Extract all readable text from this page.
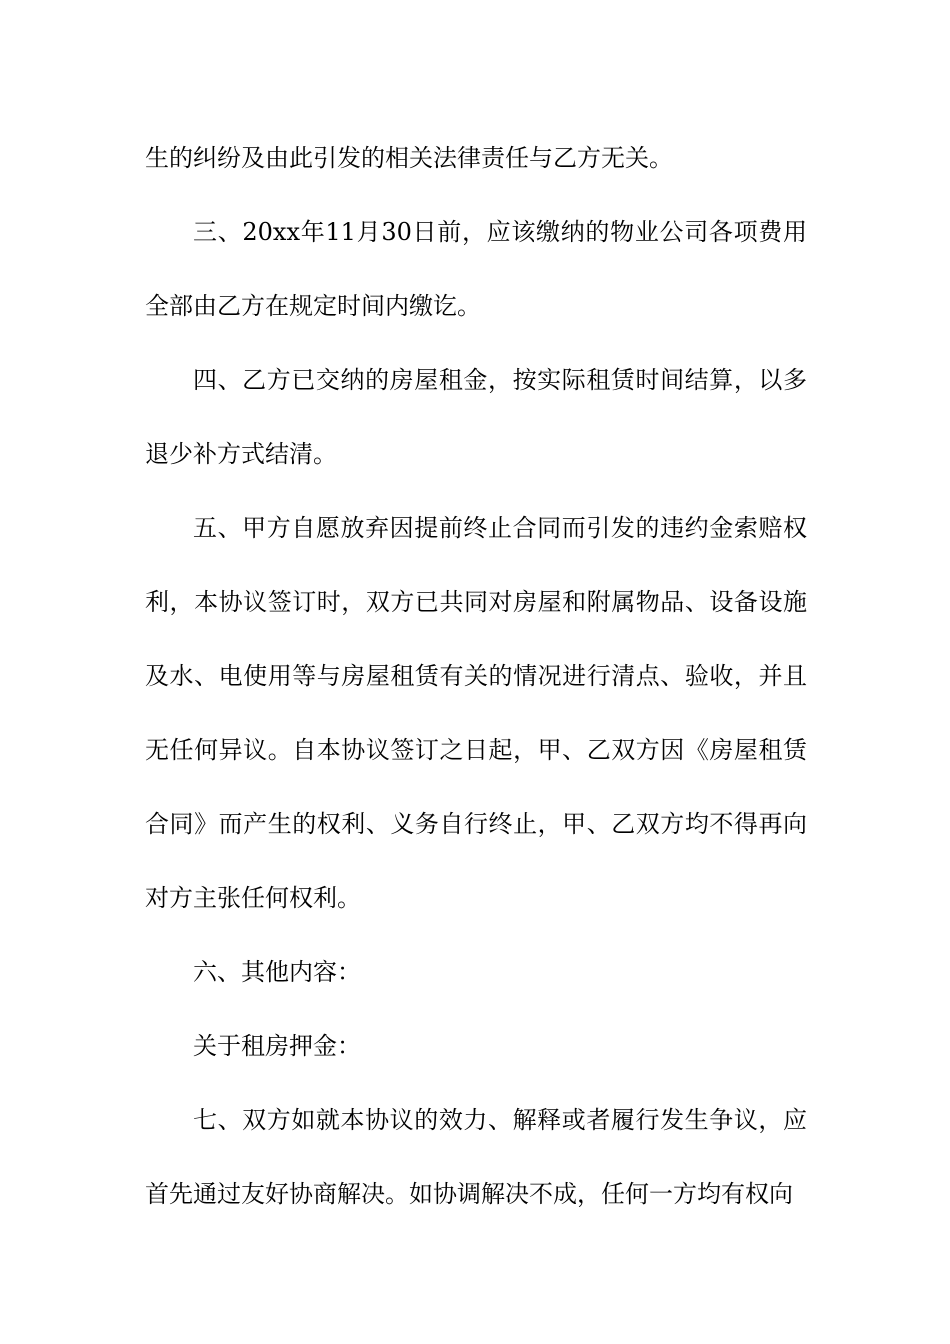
生的纠纷及由此引发的相关法律责任与乙方无关。

三、20xx年11月30日前，应该缴纳的物业公司各项费用全部由乙方在规定时间内缴讫。

四、乙方已交纳的房屋租金，按实际租赁时间结算，以多退少补方式结清。

五、甲方自愿放弃因提前终止合同而引发的违约金索赔权利，本协议签订时，双方已共同对房屋和附属物品、设备设施及水、电使用等与房屋租赁有关的情况进行清点、验收，并且无任何异议。自本协议签订之日起，甲、乙双方因《房屋租赁合同》而产生的权利、义务自行终止，甲、乙双方均不得再向对方主张任何权利。

六、其他内容：

关于租房押金：

七、双方如就本协议的效力、解释或者履行发生争议，应首先通过友好协商解决。如协调解决不成，任何一方均有权向
